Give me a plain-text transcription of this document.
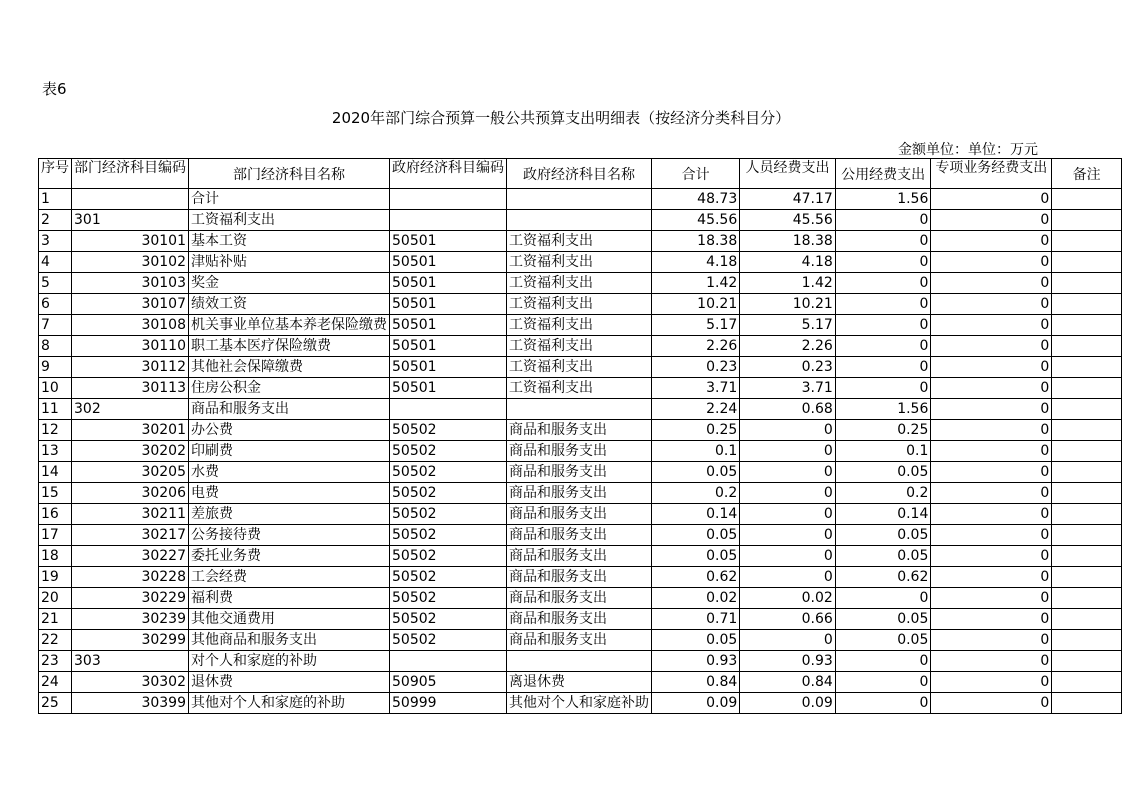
表6
2020年部门综合预算一般公共预算支出明细表（按经济分类科目分）
金额单位：单位：万元
序号	部门经济科目编码	部门经济科目名称	政府经济科目编码	政府经济科目名称	合计	人员经费支出	公用经费支出	专项业务经费支出	备注
1		合计			48.73	47.17	1.56	0	
2	301	工资福利支出			45.56	45.56	0	0	
3	30101	基本工资	50501	工资福利支出	18.38	18.38	0	0	
4	30102	津贴补贴	50501	工资福利支出	4.18	4.18	0	0	
5	30103	奖金	50501	工资福利支出	1.42	1.42	0	0	
6	30107	绩效工资	50501	工资福利支出	10.21	10.21	0	0	
7	30108	机关事业单位基本养老保险缴费	50501	工资福利支出	5.17	5.17	0	0	
8	30110	职工基本医疗保险缴费	50501	工资福利支出	2.26	2.26	0	0	
9	30112	其他社会保障缴费	50501	工资福利支出	0.23	0.23	0	0	
10	30113	住房公积金	50501	工资福利支出	3.71	3.71	0	0	
11	302	商品和服务支出			2.24	0.68	1.56	0	
12	30201	办公费	50502	商品和服务支出	0.25	0	0.25	0	
13	30202	印刷费	50502	商品和服务支出	0.1	0	0.1	0	
14	30205	水费	50502	商品和服务支出	0.05	0	0.05	0	
15	30206	电费	50502	商品和服务支出	0.2	0	0.2	0	
16	30211	差旅费	50502	商品和服务支出	0.14	0	0.14	0	
17	30217	公务接待费	50502	商品和服务支出	0.05	0	0.05	0	
18	30227	委托业务费	50502	商品和服务支出	0.05	0	0.05	0	
19	30228	工会经费	50502	商品和服务支出	0.62	0	0.62	0	
20	30229	福利费	50502	商品和服务支出	0.02	0.02	0	0	
21	30239	其他交通费用	50502	商品和服务支出	0.71	0.66	0.05	0	
22	30299	其他商品和服务支出	50502	商品和服务支出	0.05	0	0.05	0	
23	303	对个人和家庭的补助			0.93	0.93	0	0	
24	30302	退休费	50905	离退休费	0.84	0.84	0	0	
25	30399	其他对个人和家庭的补助	50999	其他对个人和家庭补助	0.09	0.09	0	0	
